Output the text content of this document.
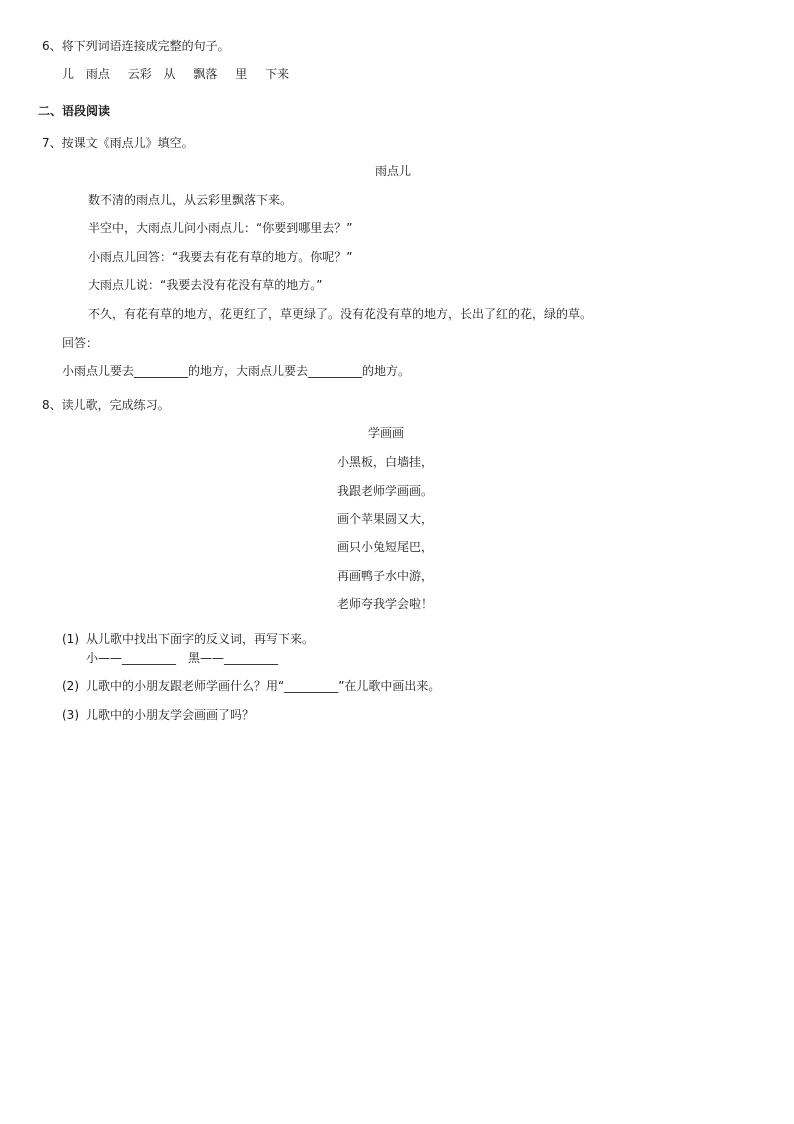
6、将下列词语连接成完整的句子。
儿 雨点 云彩 从 飘落 里 下来
二、语段阅读
7、按课文《雨点儿》填空。
雨点儿
数不清的雨点儿，从云彩里飘落下来。
半空中，大雨点儿问小雨点儿：“你要到哪里去？”
小雨点儿回答：“我要去有花有草的地方。你呢？”
大雨点儿说：“我要去没有花没有草的地方。”
不久，有花有草的地方，花更红了，草更绿了。没有花没有草的地方，长出了红的花，绿的草。
回答：
小雨点儿要去_________的地方，大雨点儿要去_________的地方。
8、读儿歌，完成练习。
学画画
小黑板，白墙挂，
我跟老师学画画。
画个苹果圆又大，
画只小兔短尾巴，
再画鸭子水中游，
老师夸我学会啦！
(1) 从儿歌中找出下面字的反义词，再写下来。
小——_________　黑——_________
(2) 儿歌中的小朋友跟老师学画什么？用“_________”在儿歌中画出来。
(3) 儿歌中的小朋友学会画画了吗？
